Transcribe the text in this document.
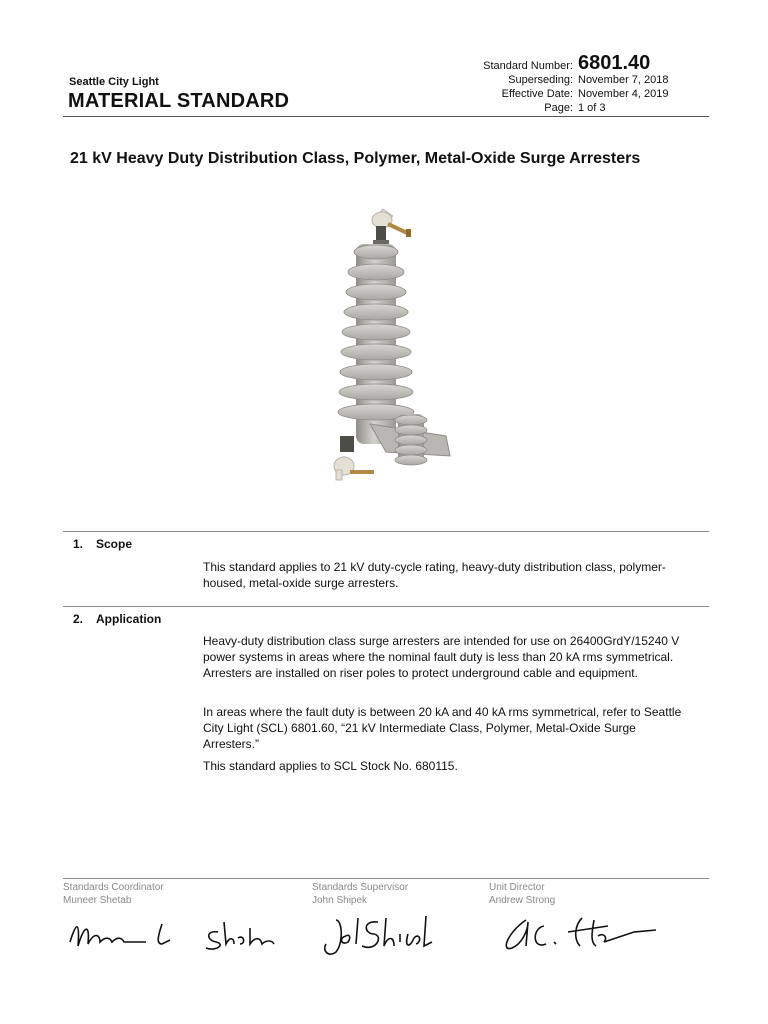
Seattle City Light
MATERIAL STANDARD
Standard Number:
Superseding:
Effective Date:
Page:
6801.40
November 7, 2018
November 4, 2019
1 of 3
21 kV Heavy Duty Distribution Class, Polymer, Metal-Oxide Surge Arresters
1. Scope

This standard applies to 21 kV duty-cycle rating, heavy-duty distribution class, polymer-housed, metal-oxide surge arresters.

2. Application

Heavy-duty distribution class surge arresters are intended for use on 26400GrdY/15240 V power systems in areas where the nominal fault duty is less than 20 kA rms symmetrical. Arresters are installed on riser poles to protect underground cable and equipment.

In areas where the fault duty is between 20 kA and 40 kA rms symmetrical, refer to Seattle City Light (SCL) 6801.60, “21 kV Intermediate Class, Polymer, Metal-Oxide Surge Arresters.”

This standard applies to SCL Stock No. 680115.

Standards Coordinator
Muneer Shetab
Standards Supervisor
John Shipek
Unit Director
Andrew Strong
